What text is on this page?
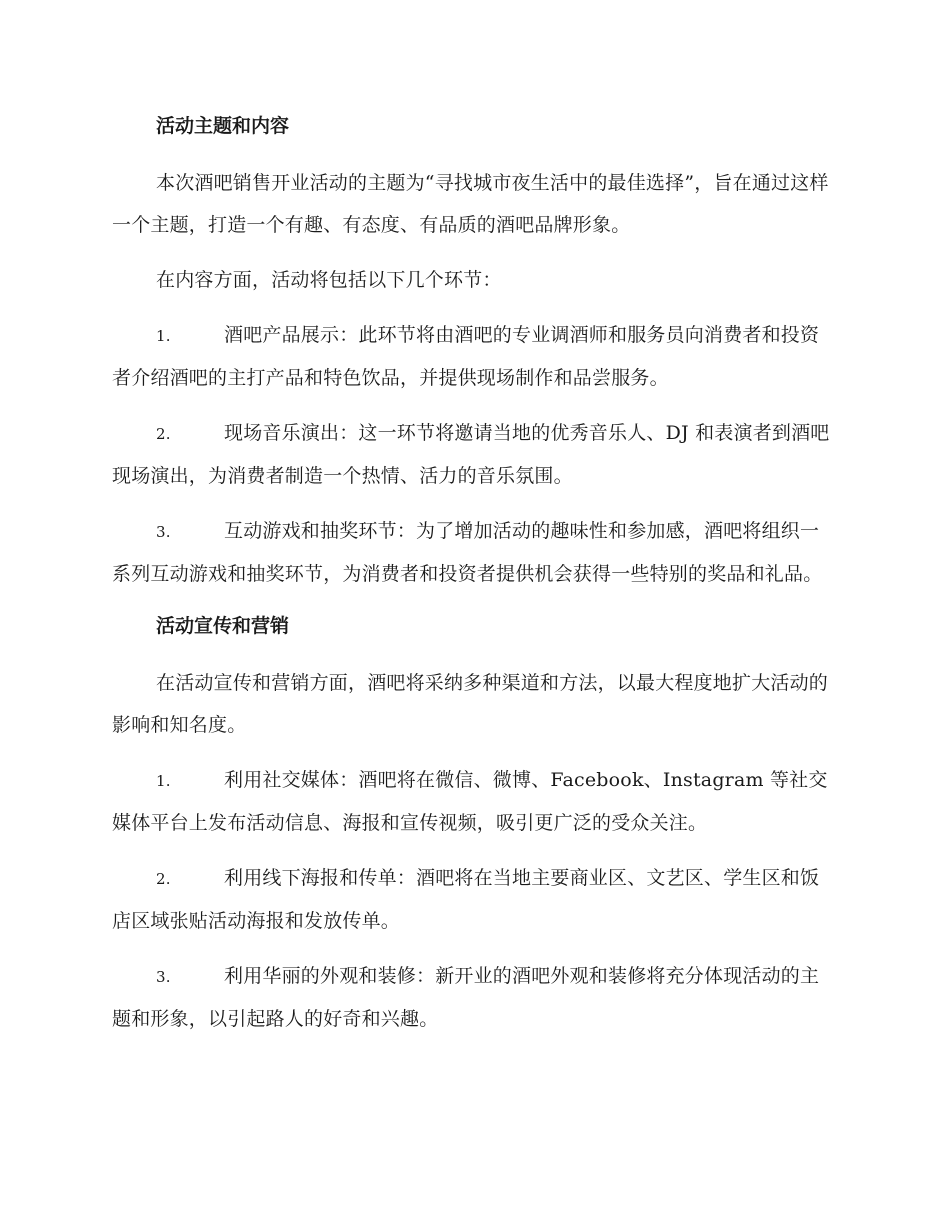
活动主题和内容

本次酒吧销售开业活动的主题为“寻找城市夜生活中的最佳选择”，旨在通过这样一个主题，打造一个有趣、有态度、有品质的酒吧品牌形象。

在内容方面，活动将包括以下几个环节：

1.	酒吧产品展示：此环节将由酒吧的专业调酒师和服务员向消费者和投资者介绍酒吧的主打产品和特色饮品，并提供现场制作和品尝服务。

2.	现场音乐演出：这一环节将邀请当地的优秀音乐人、DJ 和表演者到酒吧现场演出，为消费者制造一个热情、活力的音乐氛围。

3.	互动游戏和抽奖环节：为了增加活动的趣味性和参加感，酒吧将组织一系列互动游戏和抽奖环节，为消费者和投资者提供机会获得一些特别的奖品和礼品。

活动宣传和营销

在活动宣传和营销方面，酒吧将采纳多种渠道和方法，以最大程度地扩大活动的影响和知名度。

1.	利用社交媒体：酒吧将在微信、微博、Facebook、Instagram 等社交媒体平台上发布活动信息、海报和宣传视频，吸引更广泛的受众关注。

2.	利用线下海报和传单：酒吧将在当地主要商业区、文艺区、学生区和饭店区域张贴活动海报和发放传单。

3.	利用华丽的外观和装修：新开业的酒吧外观和装修将充分体现活动的主题和形象，以引起路人的好奇和兴趣。
